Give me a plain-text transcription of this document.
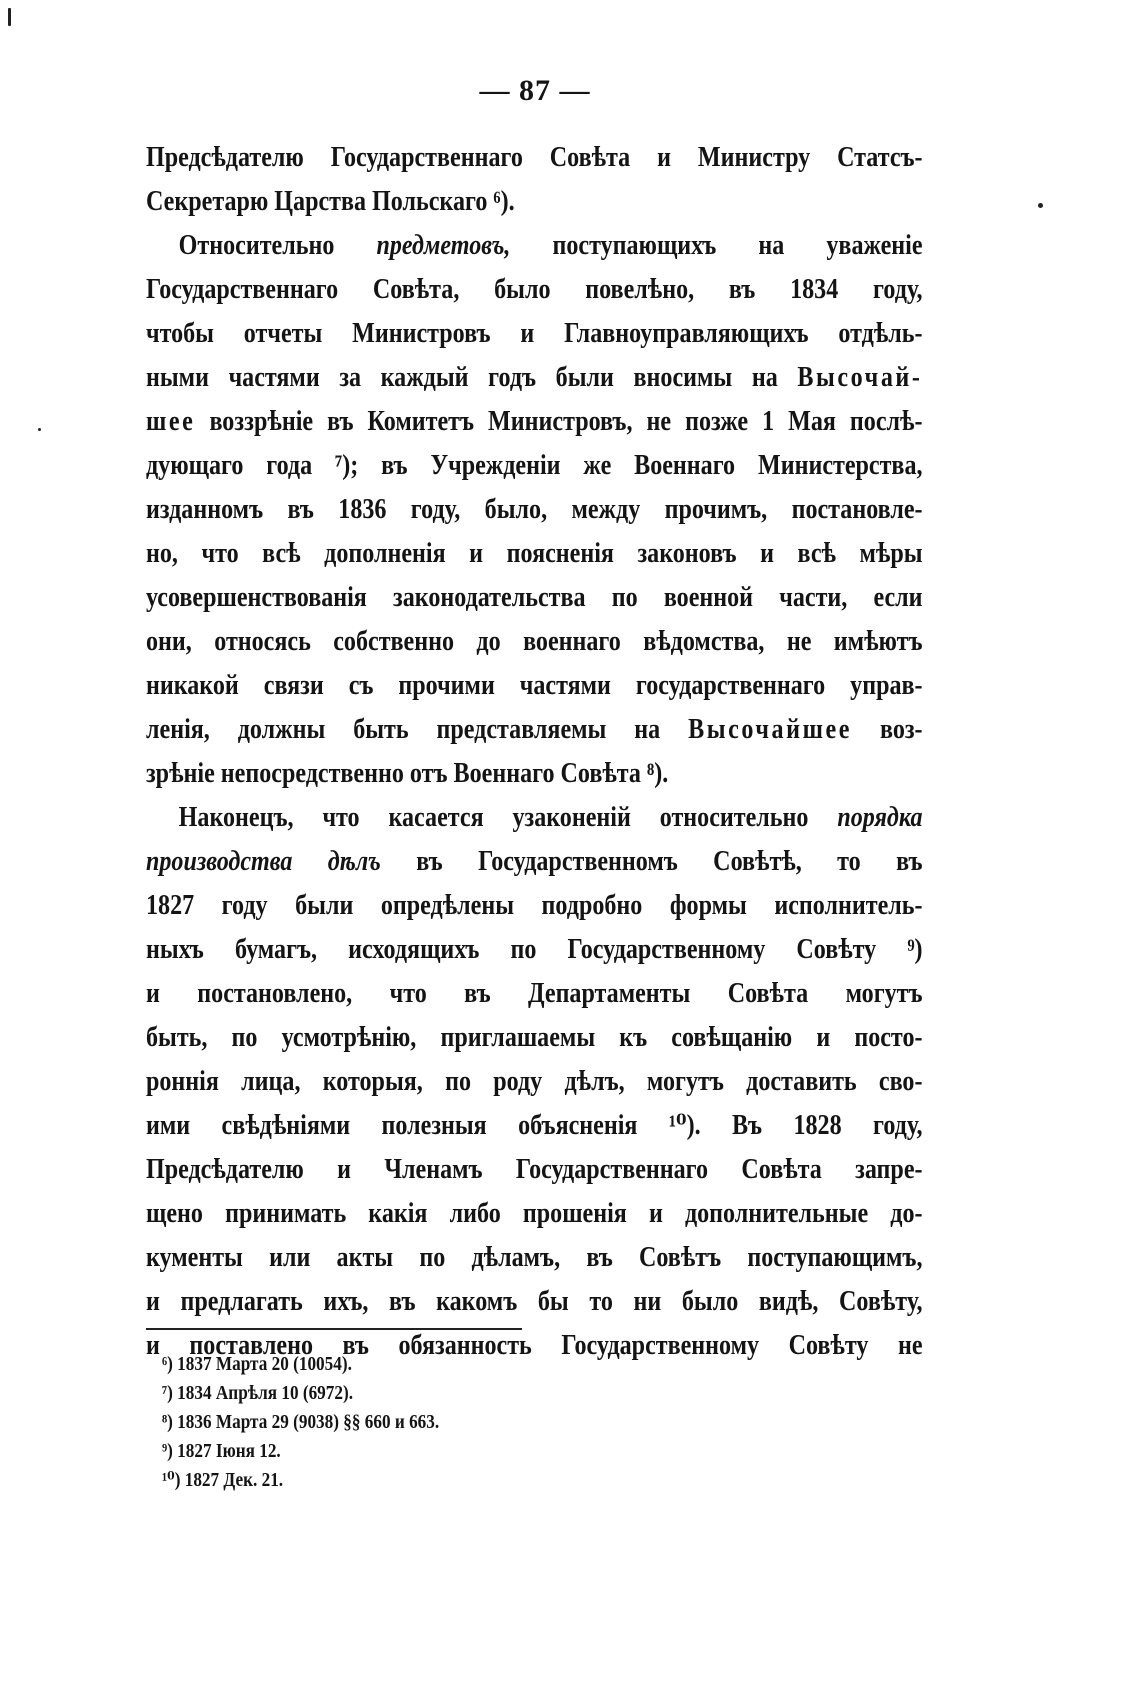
— 87 —
Предсѣдателю Государственнаго Совѣта и Министру Статсъ-
Секретарю Царства Польскаго ⁶).
Относительно предметовъ, поступающихъ на уваженіе
Государственнаго Совѣта, было повелѣно, въ 1834 году,
чтобы отчеты Министровъ и Главноуправляющихъ отдѣль-
ными частями за каждый годъ были вносимы на Высочай-
шее воззрѣніе въ Комитетъ Министровъ, не позже 1 Мая послѣ-
дующаго года ⁷); въ Учрежденіи же Военнаго Министерства,
изданномъ въ 1836 году, было, между прочимъ, постановле-
но, что всѣ дополненія и поясненія законовъ и всѣ мѣры
усовершенствованія законодательства по военной части, если
они, относясь собственно до военнаго вѣдомства, не имѣютъ
никакой связи съ прочими частями государственнаго управ-
ленія, должны быть представляемы на Высочайшее воз-
зрѣніе непосредственно отъ Военнаго Совѣта ⁸).
Наконецъ, что касается узаконеній относительно порядка
производства дѣлъ въ Государственномъ Совѣтѣ, то въ
1827 году были опредѣлены подробно формы исполнитель-
ныхъ бумагъ, исходящихъ по Государственному Совѣту ⁹)
и постановлено, что въ Департаменты Совѣта могутъ
быть, по усмотрѣнію, приглашаемы къ совѣщанію и посто-
роннія лица, которыя, по роду дѣлъ, могутъ доставить сво-
ими свѣдѣніями полезныя объясненія ¹⁰). Въ 1828 году,
Предсѣдателю и Членамъ Государственнаго Совѣта запре-
щено принимать какія либо прошенія и дополнительные до-
кументы или акты по дѣламъ, въ Совѣтъ поступающимъ,
и предлагать ихъ, въ какомъ бы то ни было видѣ, Совѣту,
и поставлено въ обязанность Государственному Совѣту не
⁶) 1837 Марта 20 (10054).
⁷) 1834 Апрѣля 10 (6972).
⁸) 1836 Марта 29 (9038) §§ 660 и 663.
⁹) 1827 Іюня 12.
¹⁰) 1827 Дек. 21.
